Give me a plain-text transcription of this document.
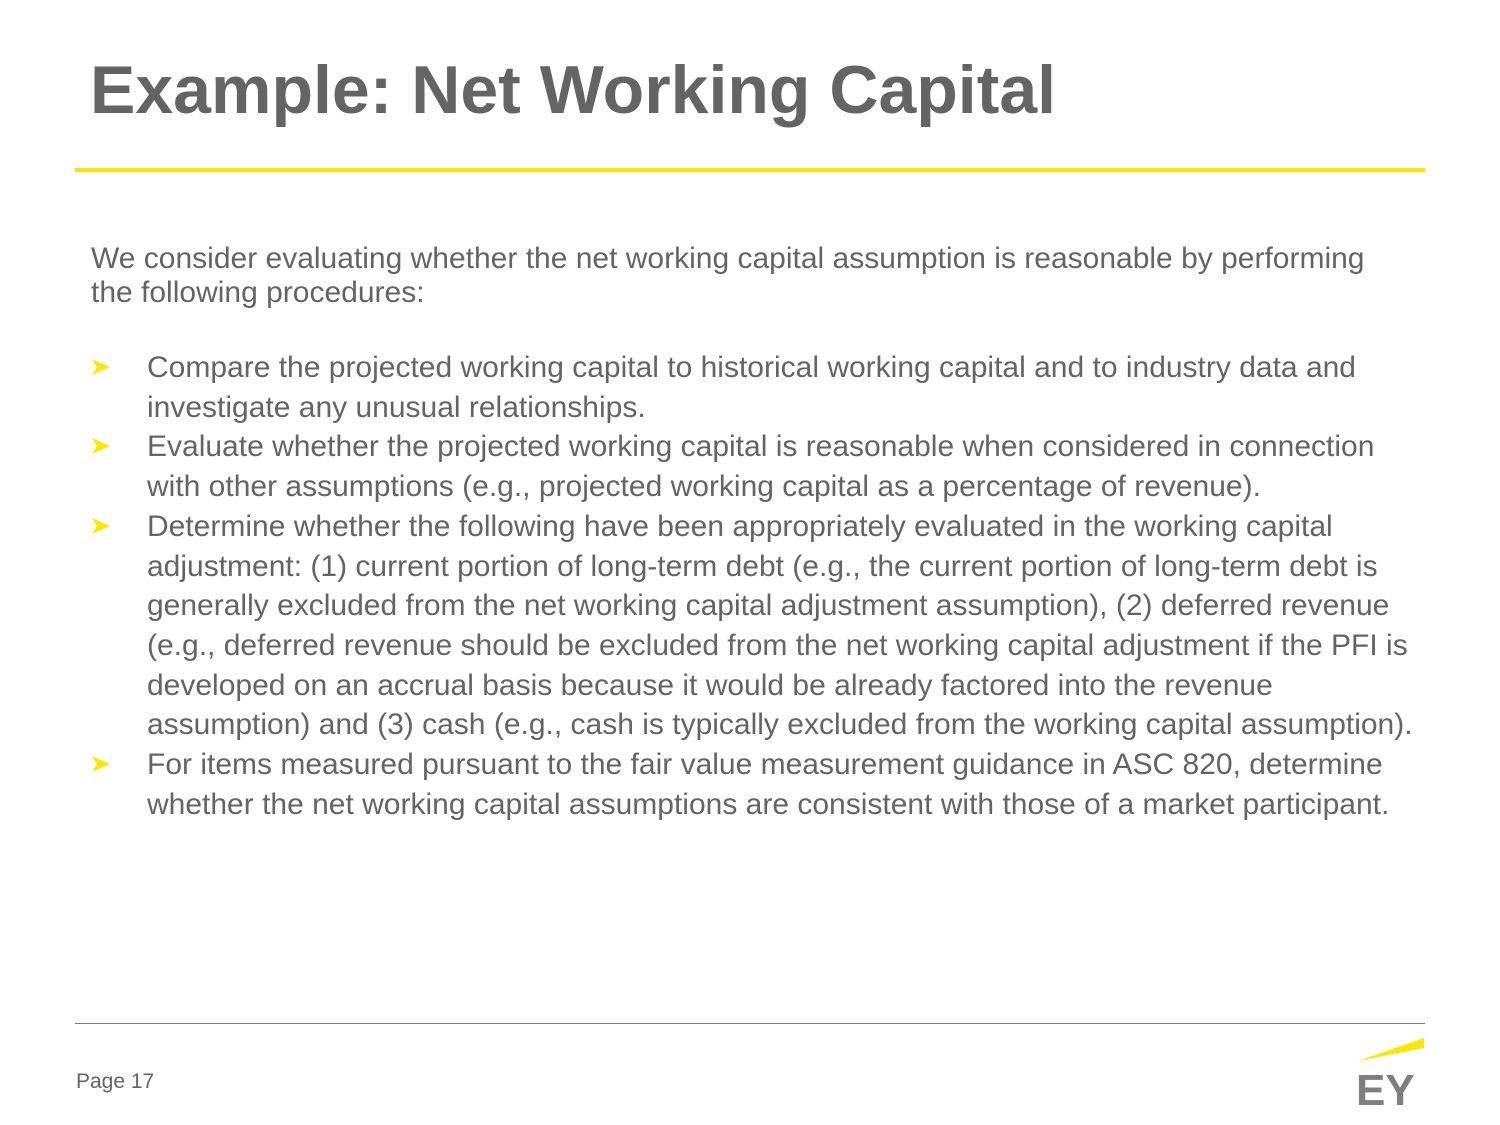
Example: Net Working Capital

We consider evaluating whether the net working capital assumption is reasonable by performing the following procedures:

Compare the projected working capital to historical working capital and to industry data and investigate any unusual relationships.
Evaluate whether the projected working capital is reasonable when considered in connection with other assumptions (e.g., projected working capital as a percentage of revenue).
Determine whether the following have been appropriately evaluated in the working capital adjustment: (1) current portion of long-term debt (e.g., the current portion of long-term debt is generally excluded from the net working capital adjustment assumption), (2) deferred revenue (e.g., deferred revenue should be excluded from the net working capital adjustment if the PFI is developed on an accrual basis because it would be already factored into the revenue assumption) and (3) cash (e.g., cash is typically excluded from the working capital assumption).
For items measured pursuant to the fair value measurement guidance in ASC 820, determine whether the net working capital assumptions are consistent with those of a market participant.
Page 17	EY
